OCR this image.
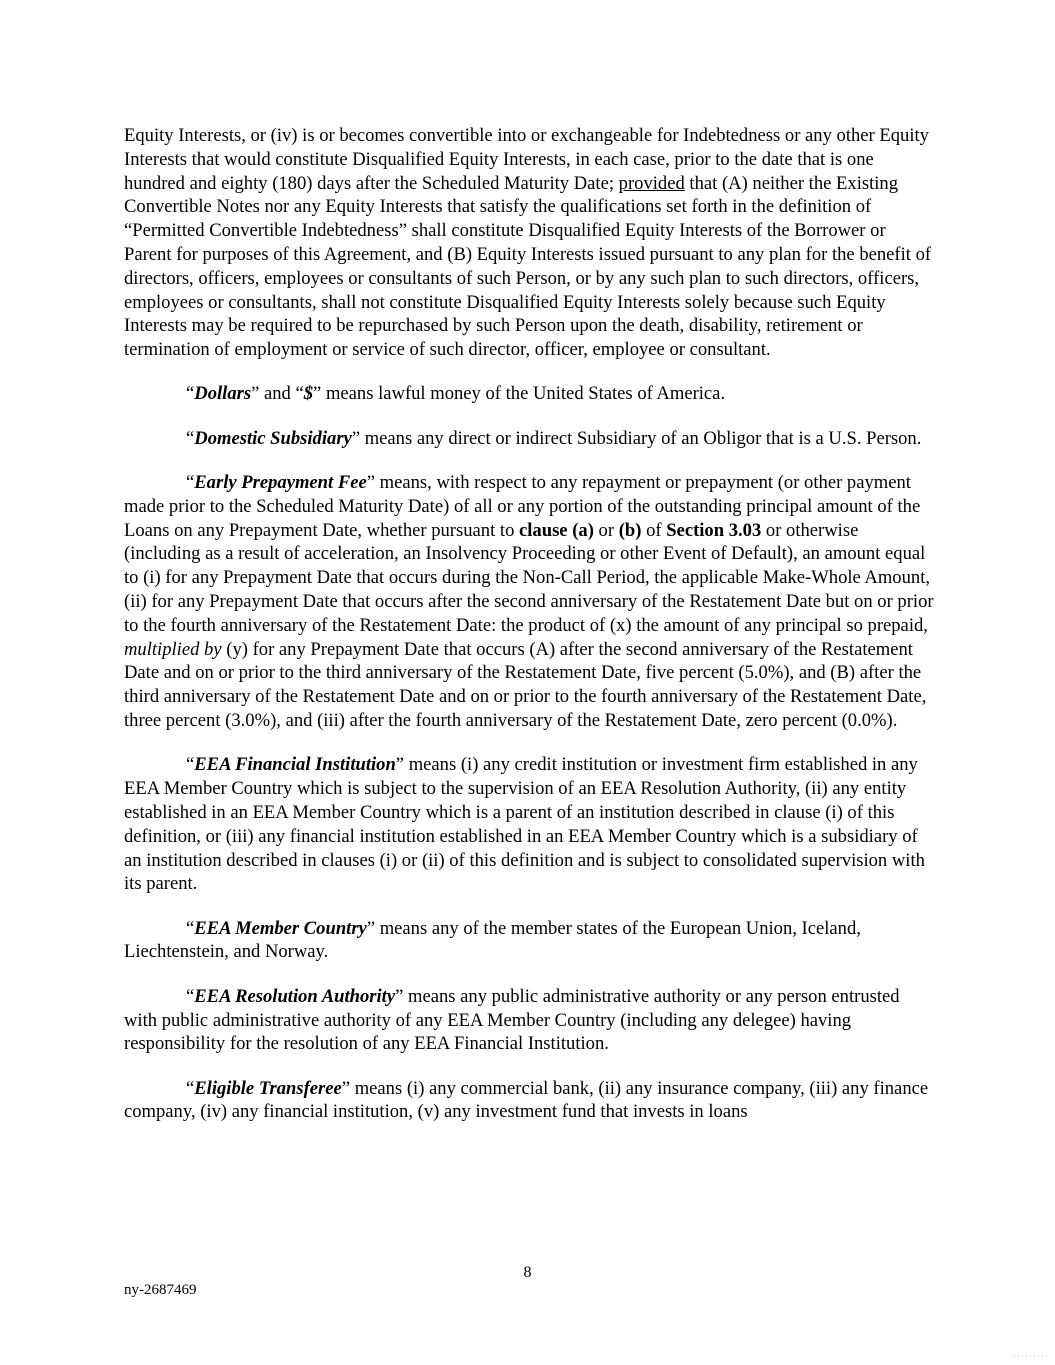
Equity Interests, or (iv) is or becomes convertible into or exchangeable for Indebtedness or any other Equity Interests that would constitute Disqualified Equity Interests, in each case, prior to the date that is one hundred and eighty (180) days after the Scheduled Maturity Date; provided that (A) neither the Existing Convertible Notes nor any Equity Interests that satisfy the qualifications set forth in the definition of “Permitted Convertible Indebtedness” shall constitute Disqualified Equity Interests of the Borrower or Parent for purposes of this Agreement, and (B) Equity Interests issued pursuant to any plan for the benefit of directors, officers, employees or consultants of such Person, or by any such plan to such directors, officers, employees or consultants, shall not constitute Disqualified Equity Interests solely because such Equity Interests may be required to be repurchased by such Person upon the death, disability, retirement or termination of employment or service of such director, officer, employee or consultant.

“Dollars” and “$” means lawful money of the United States of America.

“Domestic Subsidiary” means any direct or indirect Subsidiary of an Obligor that is a U.S. Person.

“Early Prepayment Fee” means, with respect to any repayment or prepayment (or other payment made prior to the Scheduled Maturity Date) of all or any portion of the outstanding principal amount of the Loans on any Prepayment Date, whether pursuant to clause (a) or (b) of Section 3.03 or otherwise (including as a result of acceleration, an Insolvency Proceeding or other Event of Default), an amount equal to (i) for any Prepayment Date that occurs during the Non-Call Period, the applicable Make-Whole Amount, (ii) for any Prepayment Date that occurs after the second anniversary of the Restatement Date but on or prior to the fourth anniversary of the Restatement Date: the product of (x) the amount of any principal so prepaid, multiplied by (y) for any Prepayment Date that occurs (A) after the second anniversary of the Restatement Date and on or prior to the third anniversary of the Restatement Date, five percent (5.0%), and (B) after the third anniversary of the Restatement Date and on or prior to the fourth anniversary of the Restatement Date, three percent (3.0%), and (iii) after the fourth anniversary of the Restatement Date, zero percent (0.0%).

“EEA Financial Institution” means (i) any credit institution or investment firm established in any EEA Member Country which is subject to the supervision of an EEA Resolution Authority, (ii) any entity established in an EEA Member Country which is a parent of an institution described in clause (i) of this definition, or (iii) any financial institution established in an EEA Member Country which is a subsidiary of an institution described in clauses (i) or (ii) of this definition and is subject to consolidated supervision with its parent.

“EEA Member Country” means any of the member states of the European Union, Iceland, Liechtenstein, and Norway.

“EEA Resolution Authority” means any public administrative authority or any person entrusted with public administrative authority of any EEA Member Country (including any delegee) having responsibility for the resolution of any EEA Financial Institution.

“Eligible Transferee” means (i) any commercial bank, (ii) any insurance company, (iii) any finance company, (iv) any financial institution, (v) any investment fund that invests in loans

8
ny-2687469
·········
